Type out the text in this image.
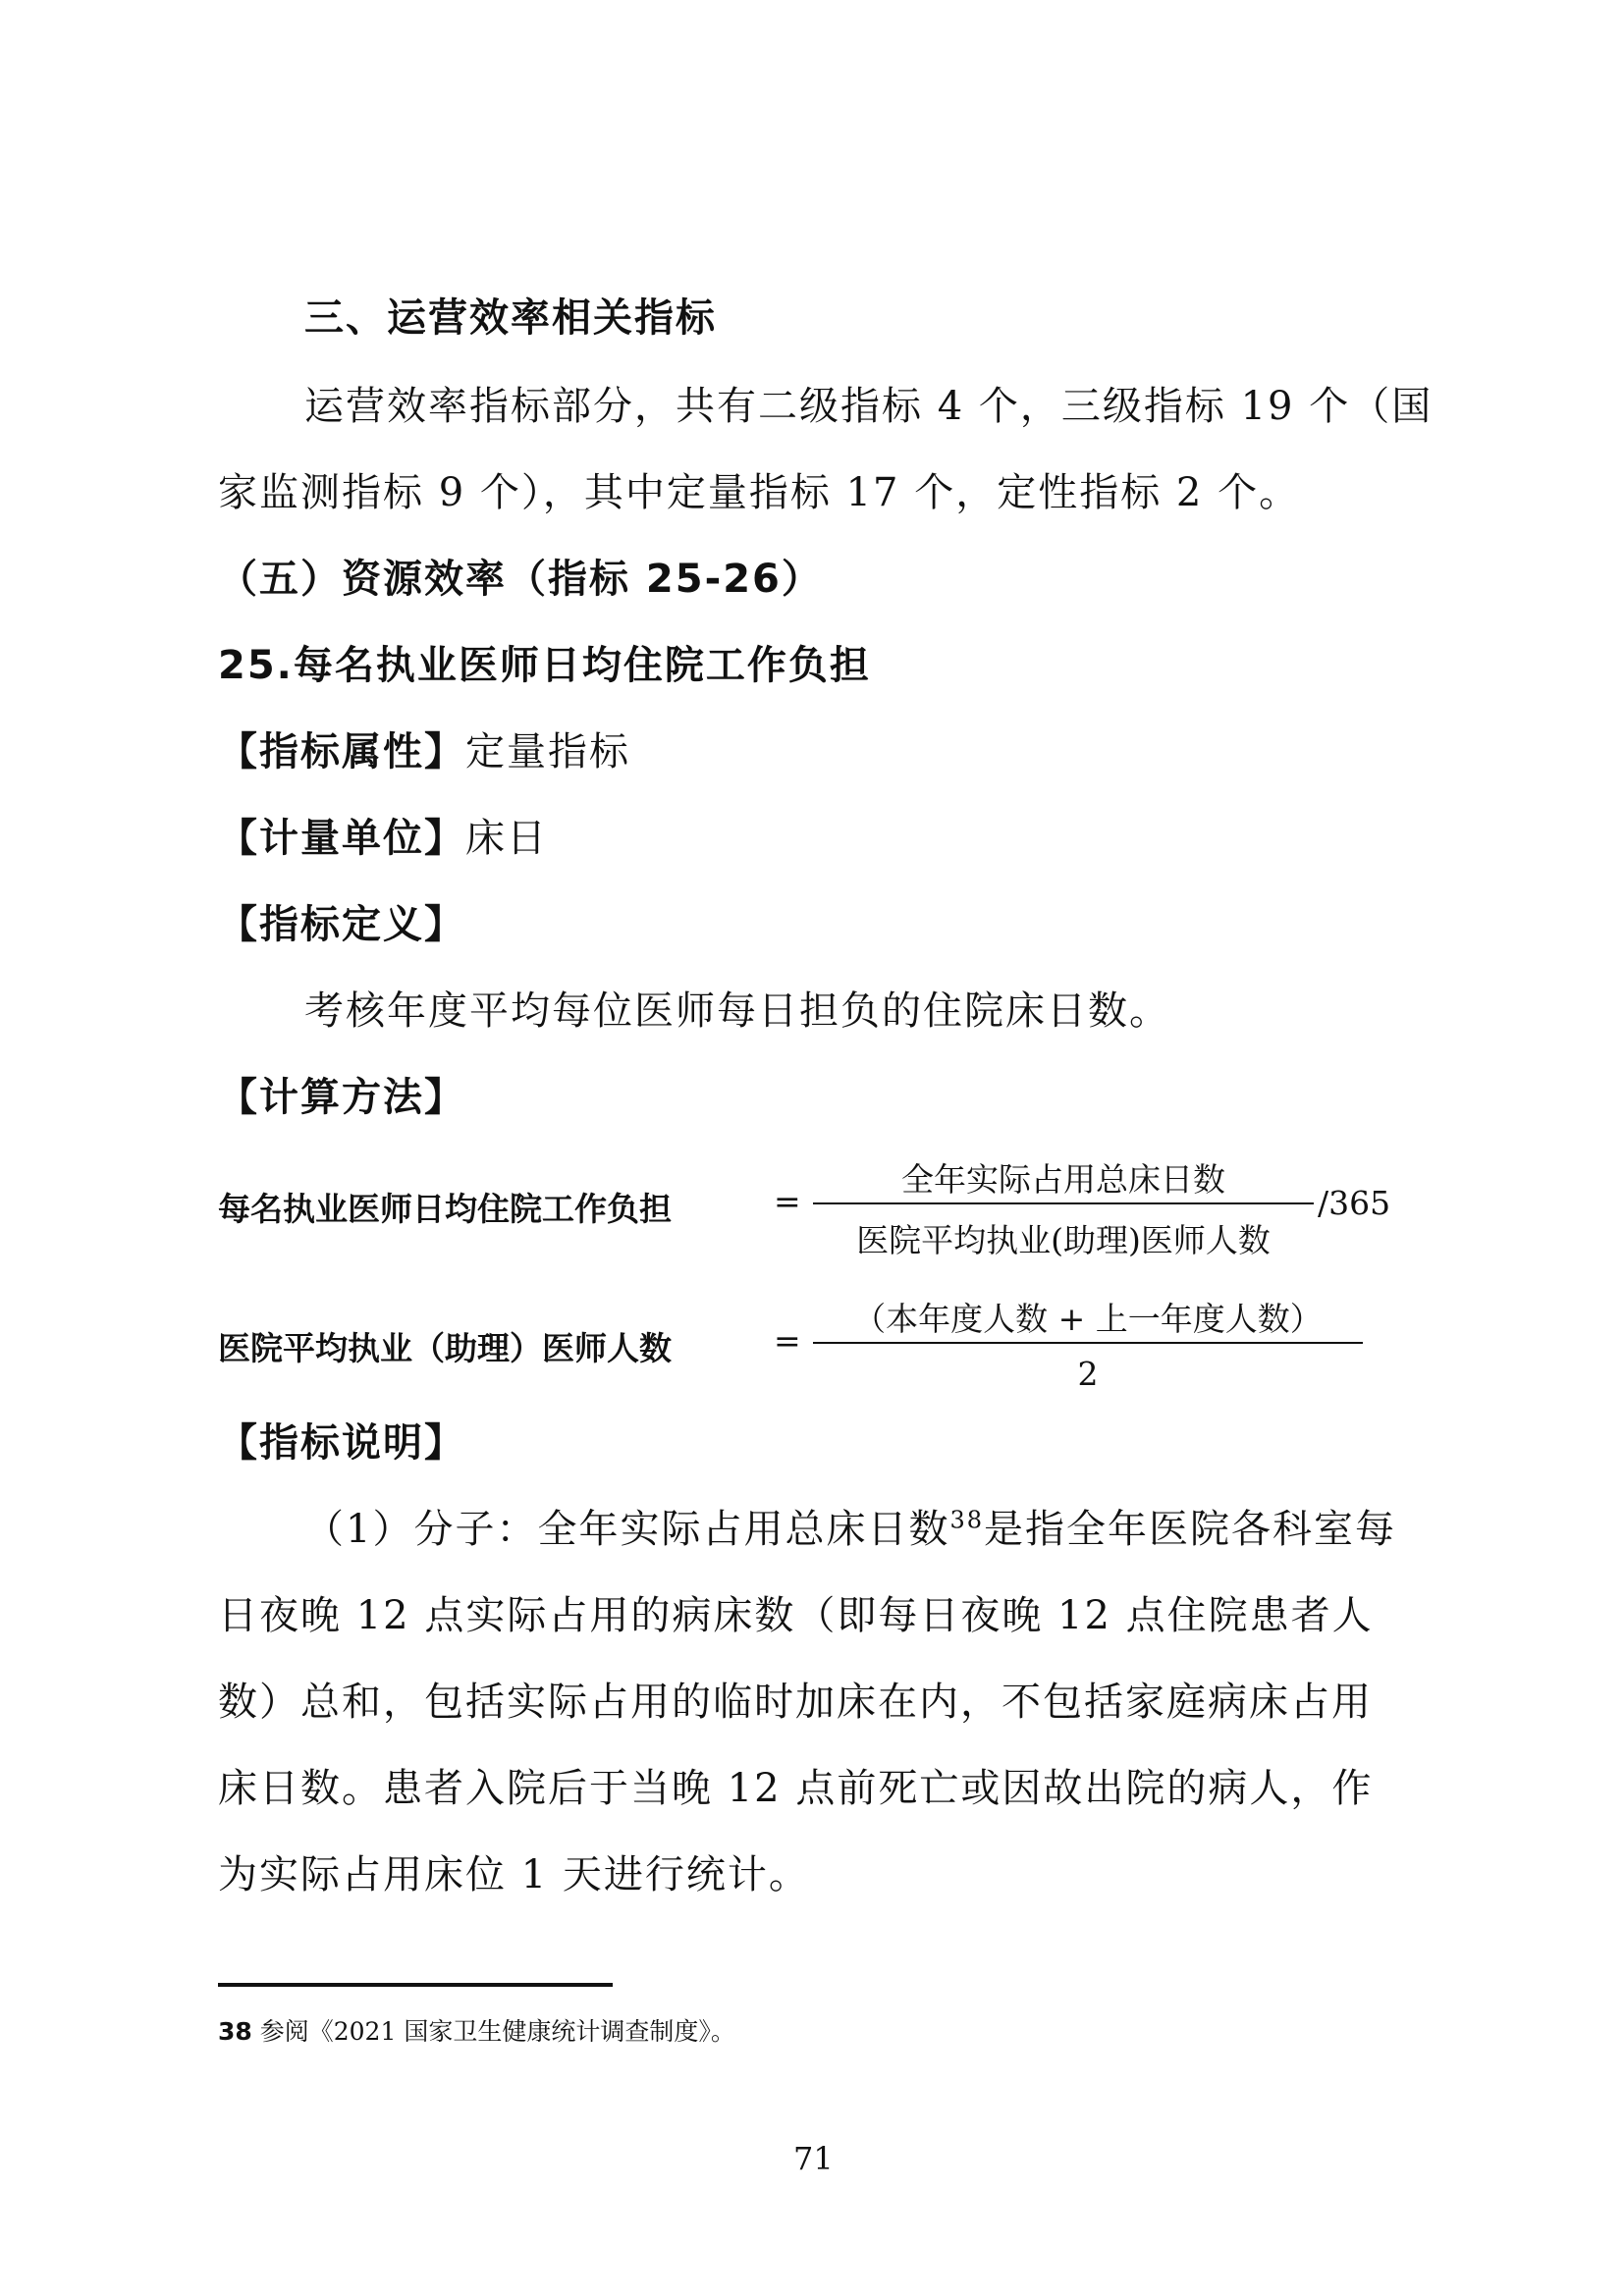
三、运营效率相关指标
运营效率指标部分，共有二级指标 4 个，三级指标 19 个（国
家监测指标 9 个），其中定量指标 17 个，定性指标 2 个。
（五）资源效率（指标 25-26）
25.每名执业医师日均住院工作负担
【指标属性】定量指标
【计量单位】床日
【指标定义】
考核年度平均每位医师每日担负的住院床日数。
【计算方法】
每名执业医师日均住院工作负担	=
全年实际占用总床日数
医院平均执业(助理)医师人数
/365
医院平均执业（助理）医师人数	=
（本年度人数 + 上一年度人数）
2
【指标说明】
（1）分子：全年实际占用总床日数$^{38}$是指全年医院各科室每
日夜晚 12 点实际占用的病床数（即每日夜晚 12 点住院患者人
数）总和，包括实际占用的临时加床在内，不包括家庭病床占用
床日数。患者入院后于当晚 12 点前死亡或因故出院的病人，作
为实际占用床位 1 天进行统计。
38 参阅《2021 国家卫生健康统计调查制度》。
71
